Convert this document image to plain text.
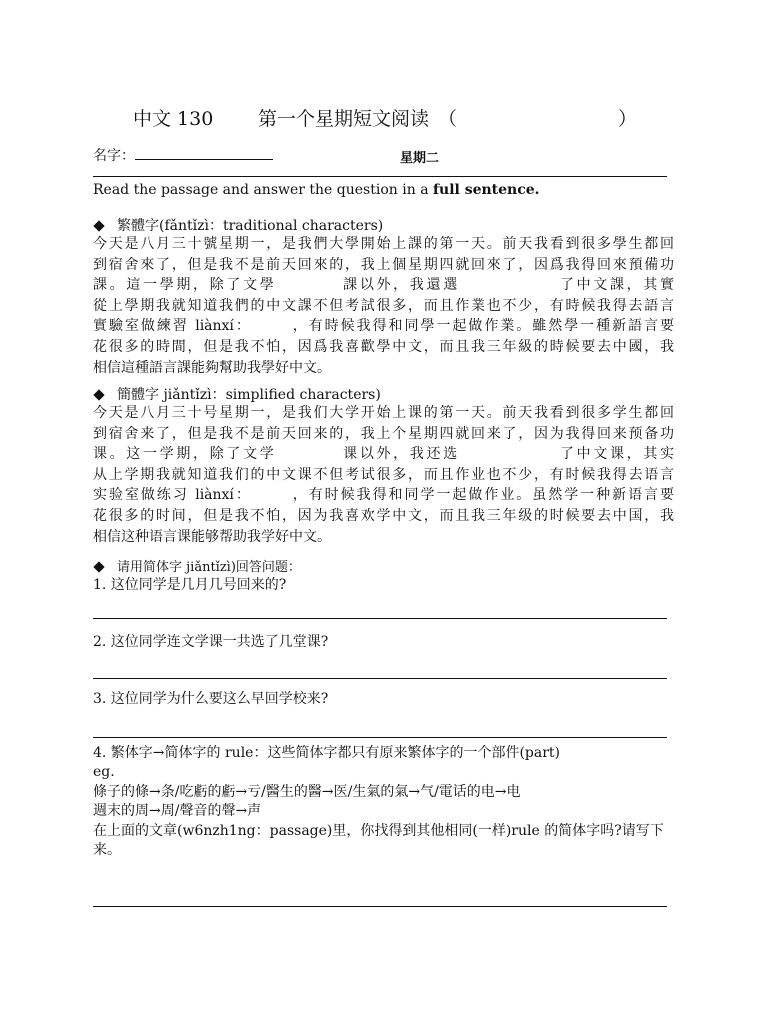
中文 130 第一个星期短文阅读 （	）
名字：	星期二
Read the passage and answer the question in a full sentence.
繁體字(fǎntǐzì：traditional characters)
今天是八月三十號星期一，是我們大學開始上課的第一天。前天我看到很多學生都回
到宿舍來了，但是我不是前天回來的，我上個星期四就回來了，因爲我得回來預備功
課。這一學期，除了文學　　　　課以外，我還選　　　　　　了中文課，其實
從上學期我就知道我們的中文課不但考試很多，而且作業也不少，有時候我得去語言
實驗室做練習 liànxí：　　　，有時候我得和同學一起做作業。雖然學一種新語言要
花很多的時間，但是我不怕，因爲我喜歡學中文，而且我三年級的時候要去中國，我
相信這種語言課能夠幫助我學好中文。
簡體字 jiǎntǐzì：simplified characters)
今天是八月三十号星期一，是我们大学开始上课的第一天。前天我看到很多学生都回
到宿舍来了，但是我不是前天回来的，我上个星期四就回来了，因为我得回来预备功
课。这一学期，除了文学　　　　课以外，我还选　　　　　　了中文课，其实
从上学期我就知道我们的中文课不但考试很多，而且作业也不少，有时候我得去语言
实验室做练习 liànxí：　　　，有时候我得和同学一起做作业。虽然学一种新语言要
花很多的时间，但是我不怕，因为我喜欢学中文，而且我三年级的时候要去中国，我
相信这种语言课能够帮助我学好中文。
请用简体字 jiǎntǐzì)回答问题：
1. 这位同学是几月几号回来的?
2. 这位同学连文学课一共选了几堂课?
3. 这位同学为什么要这么早回学校来?
4. 繁体字→简体字的 rule：这些简体字都只有原来繁体字的一个部件(part)
eg.
條子的條→条/吃虧的虧→亏/醫生的醫→医/生氣的氣→气/電话的电→电
週末的周→周/聲音的聲→声
在上面的文章(w6nzh1ng：passage)里，你找得到其他相同(一样)rule 的简体字吗?请写下
来。
